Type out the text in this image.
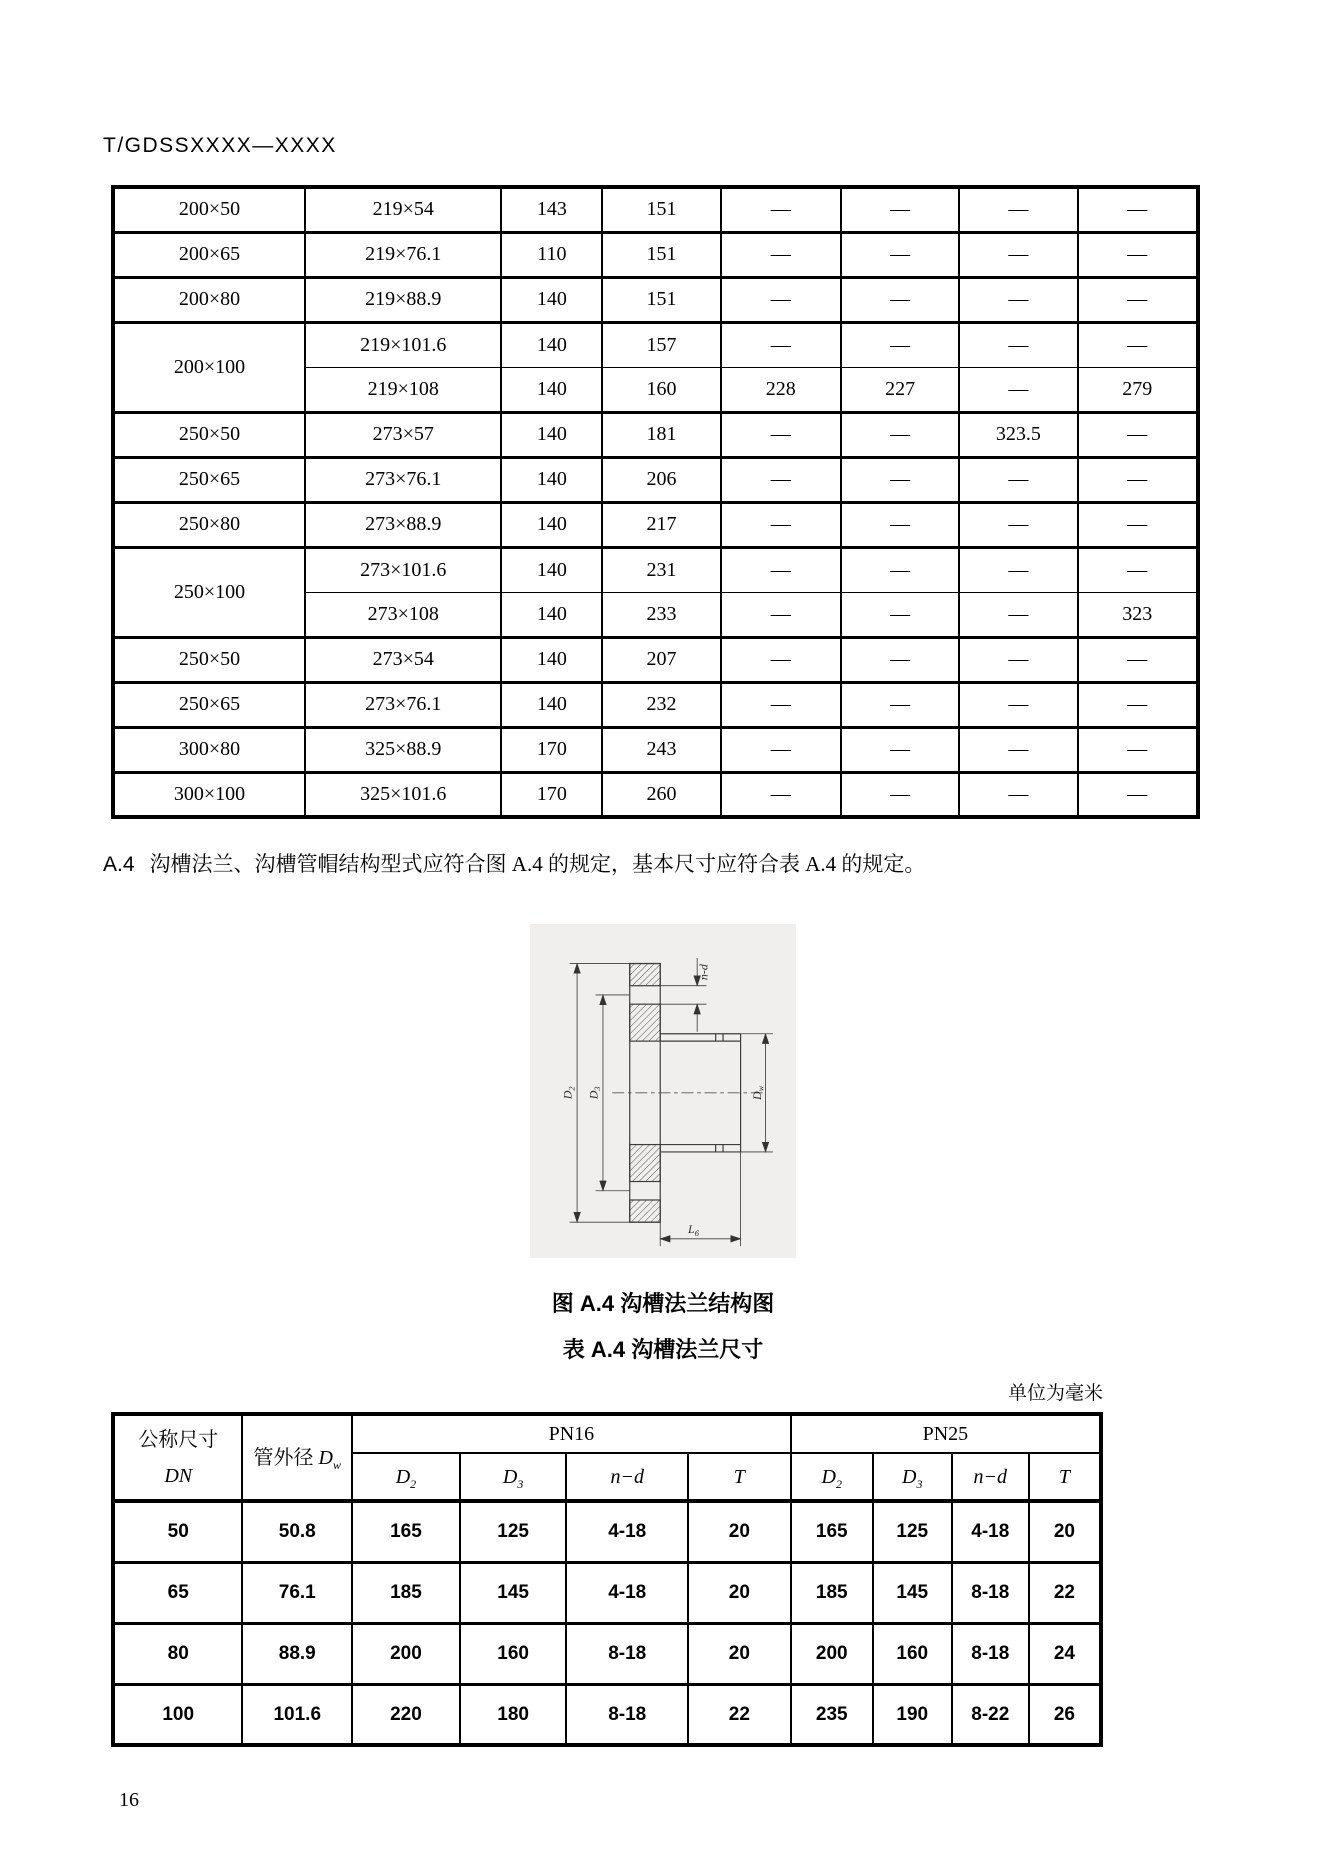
T/GDSSXXXX—XXXX
200×50	219×54	143	151	—	—	—	—
200×65	219×76.1	110	151	—	—	—	—
200×80	219×88.9	140	151	—	—	—	—
200×100	219×101.6	140	157	—	—	—	—
	219×108	140	160	228	227	—	279
250×50	273×57	140	181	—	—	323.5	—
250×65	273×76.1	140	206	—	—	—	—
250×80	273×88.9	140	217	—	—	—	—
250×100	273×101.6	140	231	—	—	—	—
	273×108	140	233	—	—	—	323
250×50	273×54	140	207	—	—	—	—
250×65	273×76.1	140	232	—	—	—	—
300×80	325×88.9	170	243	—	—	—	—
300×100	325×101.6	170	260	—	—	—	—

A.4 沟槽法兰、沟槽管帽结构型式应符合图 A.4 的规定，基本尺寸应符合表 A.4 的规定。

$D_2$
$D_3$
$D_w$
n-d
$L_6$
图 A.4 沟槽法兰结构图
表 A.4 沟槽法兰尺寸
单位为毫米
公称尺寸
DN	管外径 $D_w$	PN16				PN25			
		$D_2$	$D_3$	n−d	T	$D_2$	$D_3$	n−d	T
50	50.8	165	125	4-18	20	165	125	4-18	20
65	76.1	185	145	4-18	20	185	145	8-18	22
80	88.9	200	160	8-18	20	200	160	8-18	24
100	101.6	220	180	8-18	22	235	190	8-22	26
16
